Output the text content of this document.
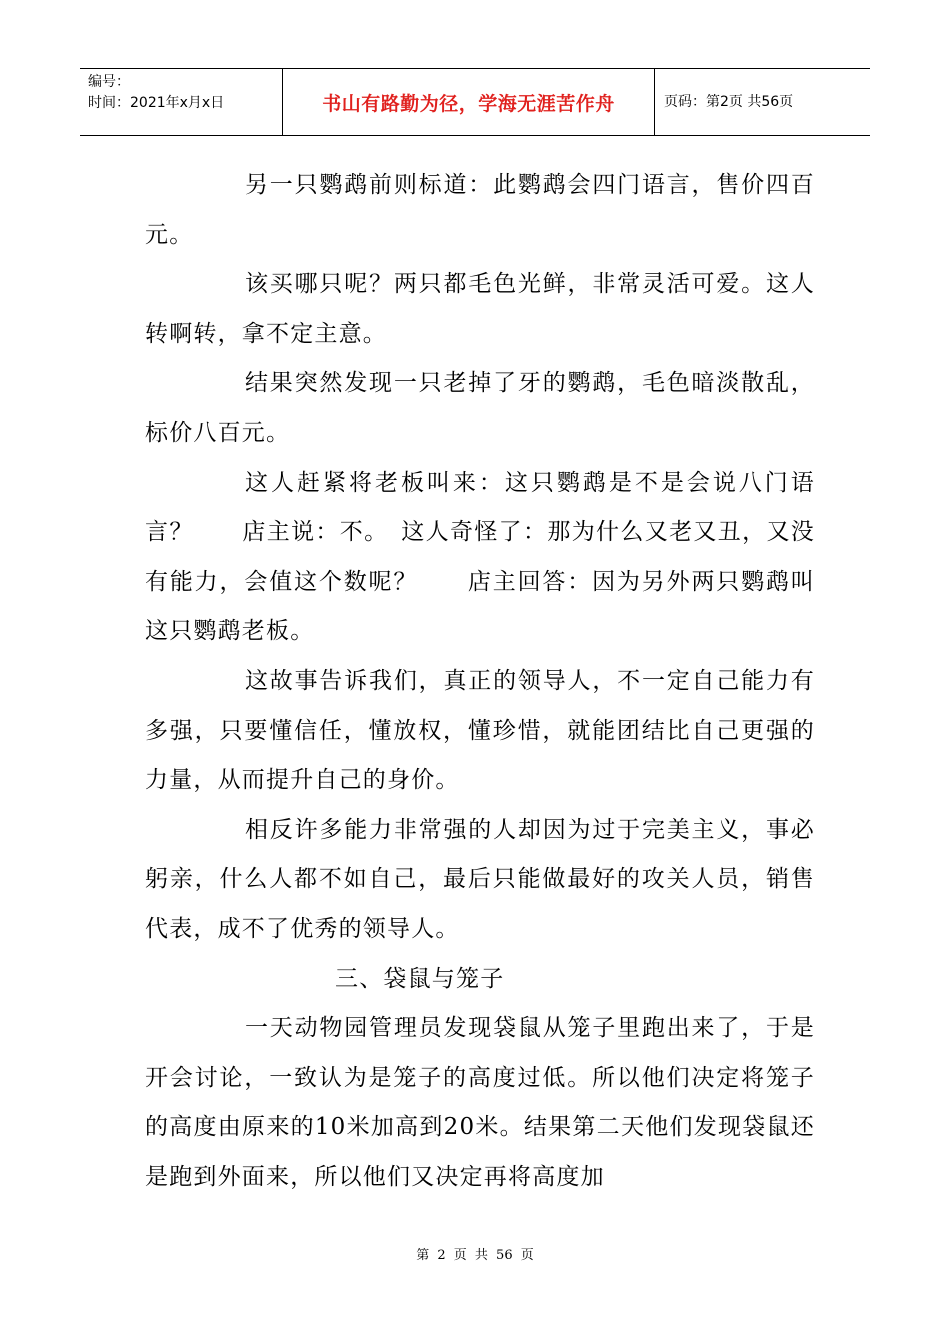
编号：
时间：2021年x月x日	书山有路勤为径，学海无涯苦作舟	页码：第2页 共56页

另一只鹦鹉前则标道：此鹦鹉会四门语言，售价四百元。

该买哪只呢？两只都毛色光鲜，非常灵活可爱。这人转啊转，拿不定主意。

结果突然发现一只老掉了牙的鹦鹉，毛色暗淡散乱，标价八百元。

这人赶紧将老板叫来：这只鹦鹉是不是会说八门语言？　　店主说：不。　这人奇怪了：那为什么又老又丑，又没有能力，会值这个数呢？　　店主回答：因为另外两只鹦鹉叫这只鹦鹉老板。

这故事告诉我们，真正的领导人，不一定自己能力有多强，只要懂信任，懂放权，懂珍惜，就能团结比自己更强的力量，从而提升自己的身价。

相反许多能力非常强的人却因为过于完美主义，事必躬亲，什么人都不如自己，最后只能做最好的攻关人员，销售代表，成不了优秀的领导人。

三、袋鼠与笼子

一天动物园管理员发现袋鼠从笼子里跑出来了，于是开会讨论，一致认为是笼子的高度过低。所以他们决定将笼子的高度由原来的10米加高到20米。结果第二天他们发现袋鼠还是跑到外面来，所以他们又决定再将高度加

第 2 页 共 56 页
